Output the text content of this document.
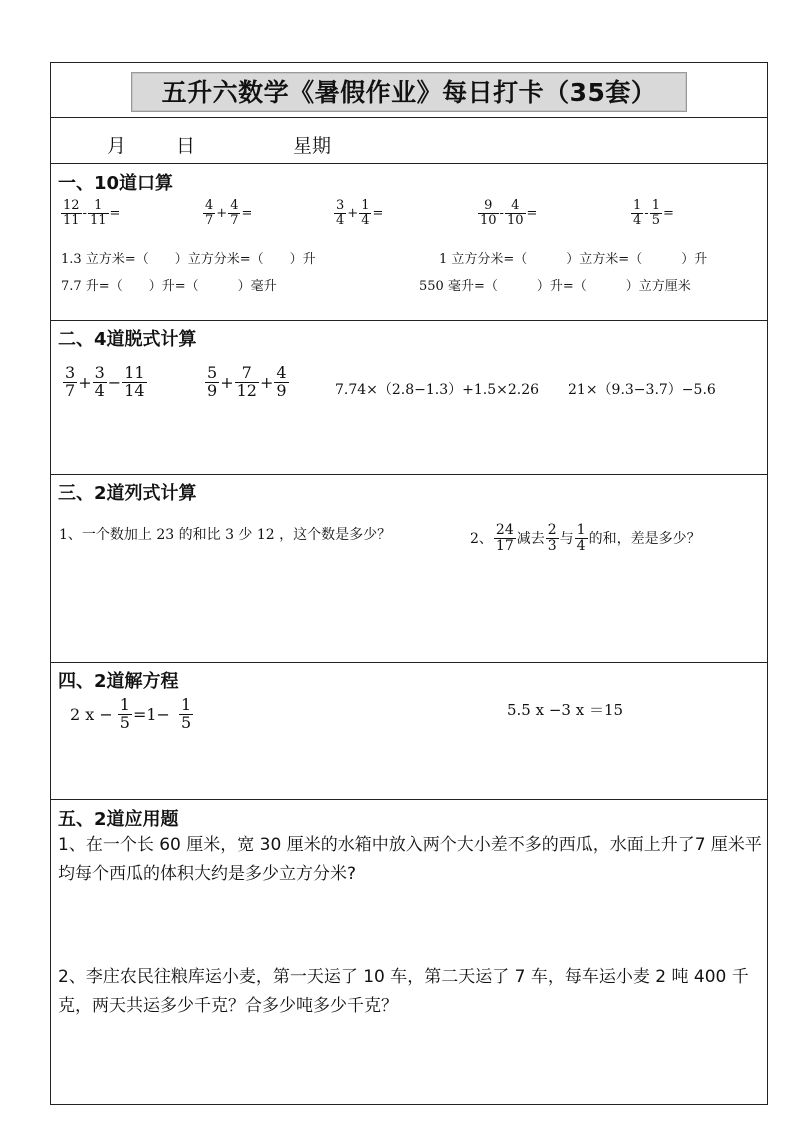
五升六数学《暑假作业》每日打卡（35套）
月	日	星期
一、10道口算
$\frac{12}{11} - \frac{1}{11}$ =	$\frac{4}{7} + \frac{4}{7}$ =	$\frac{3}{4} + \frac{1}{4}$ =	$\frac{9}{10} - \frac{4}{10}$ =	$\frac{1}{4} - \frac{1}{5}$ =
1.3 立方米=（　　）立方分米=（　　）升	1 立方分米=（　　　）立方米=（　　　）升
7.7 升=（　　）升=（　　　）毫升	550 毫升=（　　　）升=（　　　）立方厘米
二、4道脱式计算
$\frac{3}{7} + \frac{3}{4} - \frac{11}{14}$	$\frac{5}{9} + \frac{7}{12} + \frac{4}{9}$	7.74×（2.8−1.3）+1.5×2.26 21×（9.3−3.7）−5.6
三、2道列式计算
1、一个数加上 23 的和比 3 少 12 ，这个数是多少？	2、 $\frac{24}{17}$ 减去 $\frac{2}{3}$ 与 $\frac{1}{4}$ 的和，差是多少？
四、2道解方程
2 $x - \frac{1}{5} =1- \frac{1}{5}$	5.5 x −3 x ＝15
五、2道应用题
1、在一个长 60 厘米，宽 30 厘米的水箱中放入两个大小差不多的西瓜，水面上升了7 厘米平均每个西瓜的体积大约是多少立方分米?
2、李庄农民往粮库运小麦，第一天运了 10 车，第二天运了 7 车，每车运小麦 2 吨 400 千克，两天共运多少千克？合多少吨多少千克？
